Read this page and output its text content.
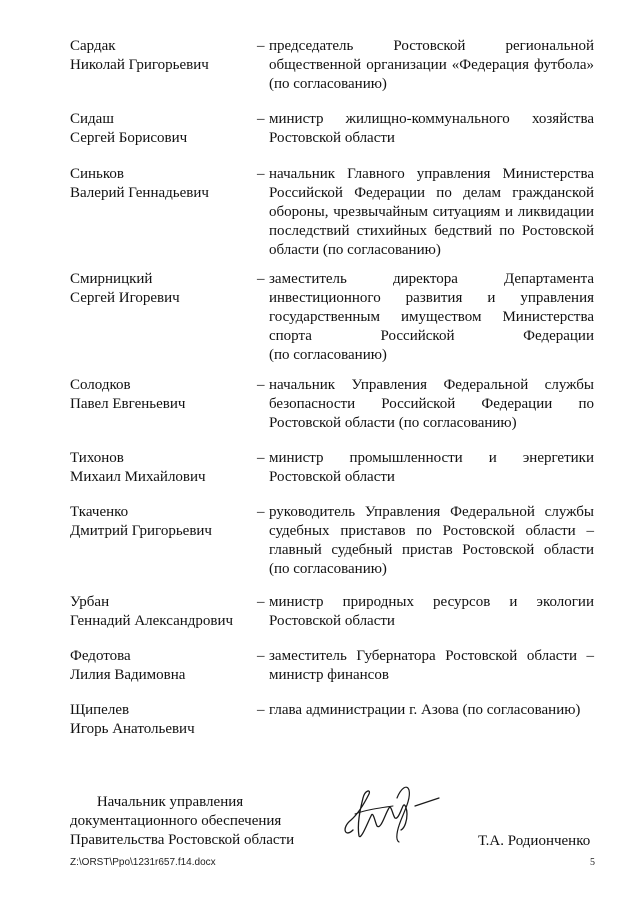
Сардак
Николай Григорьевич
– председатель Ростовской региональной
общественной организации «Федерация футбола»
(по согласованию)
Сидаш
Сергей Борисович
– министр жилищно-коммунального хозяйства
Ростовской области
Синьков
Валерий Геннадьевич
– начальник Главного управления Министерства
Российской Федерации по делам гражданской
обороны, чрезвычайным ситуациям и ликвидации
последствий стихийных бедствий по Ростовской
области (по согласованию)
Смирницкий
Сергей Игоревич
– заместитель директора Департамента
инвестиционного развития и управления
государственным имуществом Министерства
спорта Российской Федерации
(по согласованию)
Солодков
Павел Евгеньевич
– начальник Управления Федеральной службы
безопасности Российской Федерации по
Ростовской области (по согласованию)
Тихонов
Михаил Михайлович
– министр промышленности и энергетики
Ростовской области
Ткаченко
Дмитрий Григорьевич
– руководитель Управления Федеральной службы
судебных приставов по Ростовской области –
главный судебный пристав Ростовской области
(по согласованию)
Урбан
Геннадий Александрович
– министр природных ресурсов и экологии
Ростовской области
Федотова
Лилия Вадимовна
– заместитель Губернатора Ростовской области –
министр финансов
Щипелев
Игорь Анатольевич
– глава администрации г. Азова (по согласованию)
Начальник управления
документационного обеспечения
Правительства Ростовской области	Т.А. Родионченко
Z:\ORST\Ppo\1231r657.f14.docx	5
